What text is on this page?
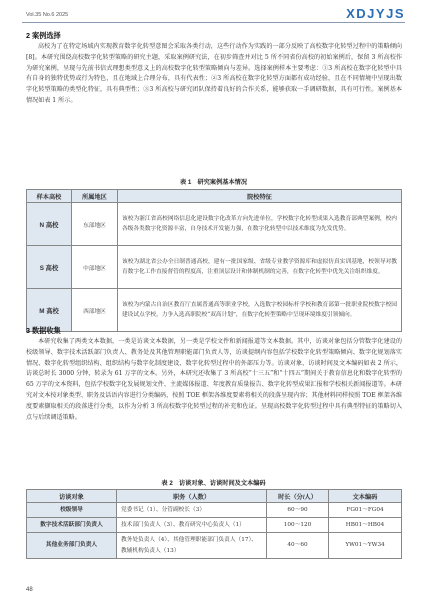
Vol.35 No.6 2025	XDJYJS
2 案例选择
高校为了在特定场域内实现教育数字化转型意图会采取各类行动，这些行动作为实践的一部分反映了高校数字化转型过程中的策略倾向[8]。本研究围绕高校数字化转型策略的研究主题，采取案例研究法，在初步筛查并对比 5 所不同省份高校的初始案例后，保留 3 所高校作为研究案例，呈现与先前书信式理想类型意义上的高校数字化转型策略倾向与差异。选择案例样本主要考虑：①3 所高校在数字化转型中具有自身的独特优势或行为特色，且在地域上合理分布，具有代表性；②3 所高校在数字化转型方面都有成功经验，且在不同情境中呈现出数字化转型策略的类型化特征，具有典型性；③3 所高校与研究团队保持着良好的合作关系，能够获取一手调研数据，具有可行性。案例基本情况如表 1 所示。
表 1　研究案例基本情况
样本高校	所属地区	院校特征
N 高校	东部地区	该校为浙江省高校网络信息化建设数字化改革方向先进单位，学校数字化转型成果入选教育部典型案例，校内各级各类数字化资源丰富，自身技术开发能力强，在数字化转型中以技术维度为先发优势。
S 高校	中部地区	该校为湖北省公办全日制普通高校，建有一批国家级、省级专业教学资源库和虚拟仿真实训基地，校领导对教育数字化工作直接督管的程度高，注重顶层设计和体制机制的完善，在数字化转型中优先关注组织维度。
M 高校	西部地区	该校为内蒙古自治区教育厅直属普通高等职业学校，入选数字校园标杆学校和教育部第一批职业院校数字校园建设试点学校，力争入选高职院校“双高计划”，在数字化转型策略中呈现环境维度引领倾向。
3 数据收集
本研究收集了两类文本数据，一类是访谈文本数据，另一类是学校文件和新闻报道等文本数据。其中，访谈对象包括分管数字化建设的校级领导、数字技术活跃部门负责人、教务处及其他管理职能部门负责人等，访谈提纲内容包括学校数字化转型策略倾向、数字化规划落实情况、数字化转型组织结构、组织结构与数字化制度建设、数字化转型过程中的外部压力等。访谈对象、访谈时间及文本编码如表 2 所示，访谈总时长 3000 分钟，转录为 61 万字的文本。另外，本研究还收集了 3 所高校“十三五”和“十四五”期间关于教育信息化和数字化转型的 65 万字的文本资料，包括学校数字化发展规划文件、主流媒体报道、年度教育质量报告、数字化转型成果汇报和学校相关新闻报道等。本研究对文本按对象类型、职务及话语内容进行分类编码，按照 TOE 框架各维度要素将相关的段落呈现内容；其他材料同样按照 TOE 框架各维度要素撷取相关的段落进行分类，以作为分析 3 所高校数字化转型过程的补充和佐证。呈现高校数字化转型过程中具有典型特征的策略切入点与后续调适策略。
表 2　访谈对象、访谈时间及文本编码
访谈对象	职务（人数）	时长（分/人）	文本编码
校级领导	党委书记（1）、分管副校长（3）	60～90	FG01～FG04
数字技术活跃部门负责人	技术部门负责人（3）、教育研究中心负责人（1）	100～120	HB01～HB04
其他业务部门负责人	教务处负责人（4）、其他管理职能部门负责人（17）、教辅机构负责人（13）	40～60	YW01～YW34
48
